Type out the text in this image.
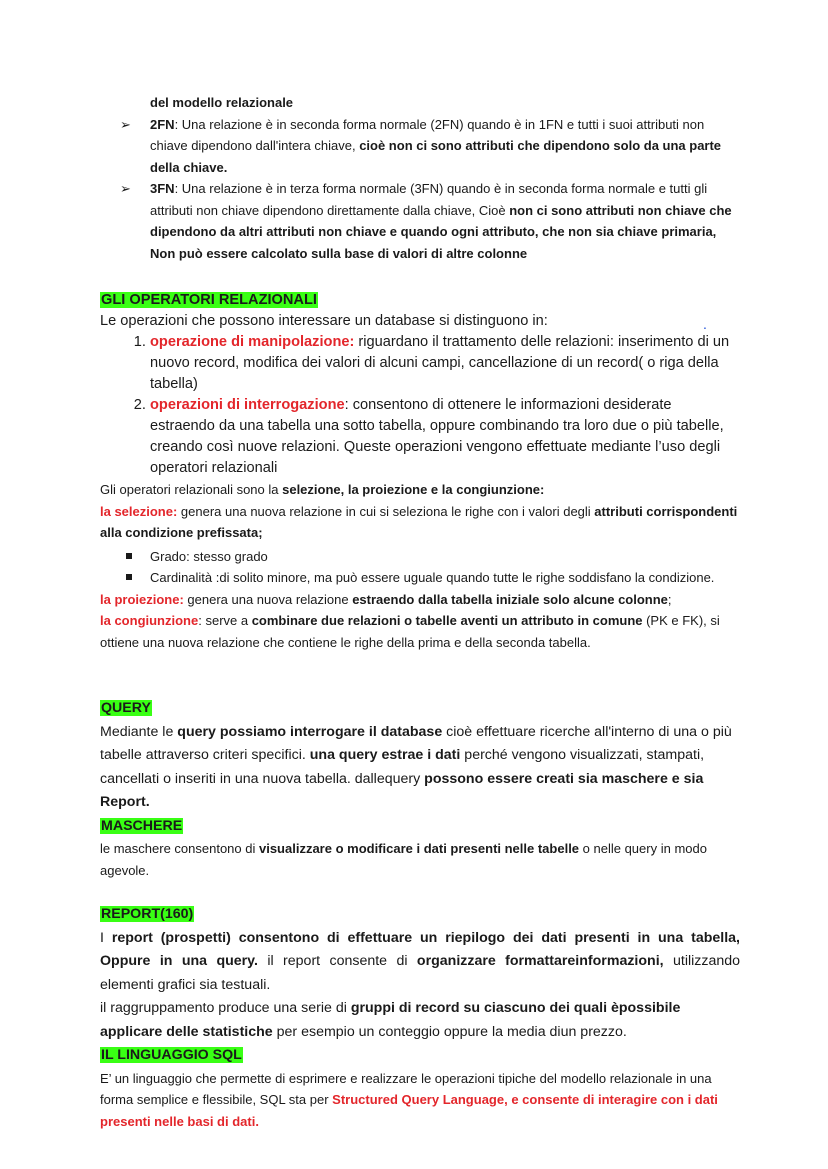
del modello relazionale

➢ 2FN: Una relazione è in seconda forma normale (2FN) quando è in 1FN e tutti i suoi attributi non chiave dipendono dall'intera chiave, cioè non ci sono attributi che dipendono solo da una parte della chiave.
➢ 3FN: Una relazione è in terza forma normale (3FN) quando è in seconda forma normale e tutti gli attributi non chiave dipendono direttamente dalla chiave, Cioè non ci sono attributi non chiave che dipendono da altri attributi non chiave e quando ogni attributo, che non sia chiave primaria, Non può essere calcolato sulla base di valori di altre colonne

GLI OPERATORI RELAZIONALI

Le operazioni che possono interessare un database si distinguono in:

1. operazione di manipolazione: riguardano il trattamento delle relazioni: inserimento di un nuovo record, modifica dei valori di alcuni campi, cancellazione di un record( o riga della tabella)
2. operazioni di interrogazione: consentono di ottenere le informazioni desiderate estraendo da una tabella una sotto tabella, oppure combinando tra loro due o più tabelle, creando così nuove relazioni. Queste operazioni vengono effettuate mediante l’uso degli operatori relazionali

Gli operatori relazionali sono la selezione, la proiezione e la congiunzione:

la selezione: genera una nuova relazione in cui si seleziona le righe con i valori degli attributi corrispondenti alla condizione prefissata;

Grado: stesso grado
Cardinalità :di solito minore, ma può essere uguale quando tutte le righe soddisfano la condizione.

la proiezione: genera una nuova relazione estraendo dalla tabella iniziale solo alcune colonne;

la congiunzione: serve a combinare due relazioni o tabelle aventi un attributo in comune (PK e FK), si ottiene una nuova relazione che contiene le righe della prima e della seconda tabella.

.

QUERY

Mediante le query possiamo interrogare il database cioè effettuare ricerche all'interno di una o più tabelle attraverso criteri specifici. una query estrae i dati perché vengono visualizzati, stampati, cancellati o inseriti in una nuova tabella. dallequery possono essere creati sia maschere e sia Report.

MASCHERE

le maschere consentono di visualizzare o modificare i dati presenti nelle tabelle o nelle query in modo agevole.

REPORT(160)

I report (prospetti) consentono di effettuare un riepilogo dei dati presenti in una tabella, Oppure in una query. il report consente di organizzare formattareinformazioni, utilizzando elementi grafici sia testuali.

il raggruppamento produce una serie di gruppi di record su ciascuno dei quali èpossibile applicare delle statistiche per esempio un conteggio oppure la media diun prezzo.

IL LINGUAGGIO SQL

E’ un linguaggio che permette di esprimere e realizzare le operazioni tipiche del modello relazionale in una forma semplice e flessibile, SQL sta per Structured Query Language, e consente di interagire con i dati presenti nelle basi di dati.
